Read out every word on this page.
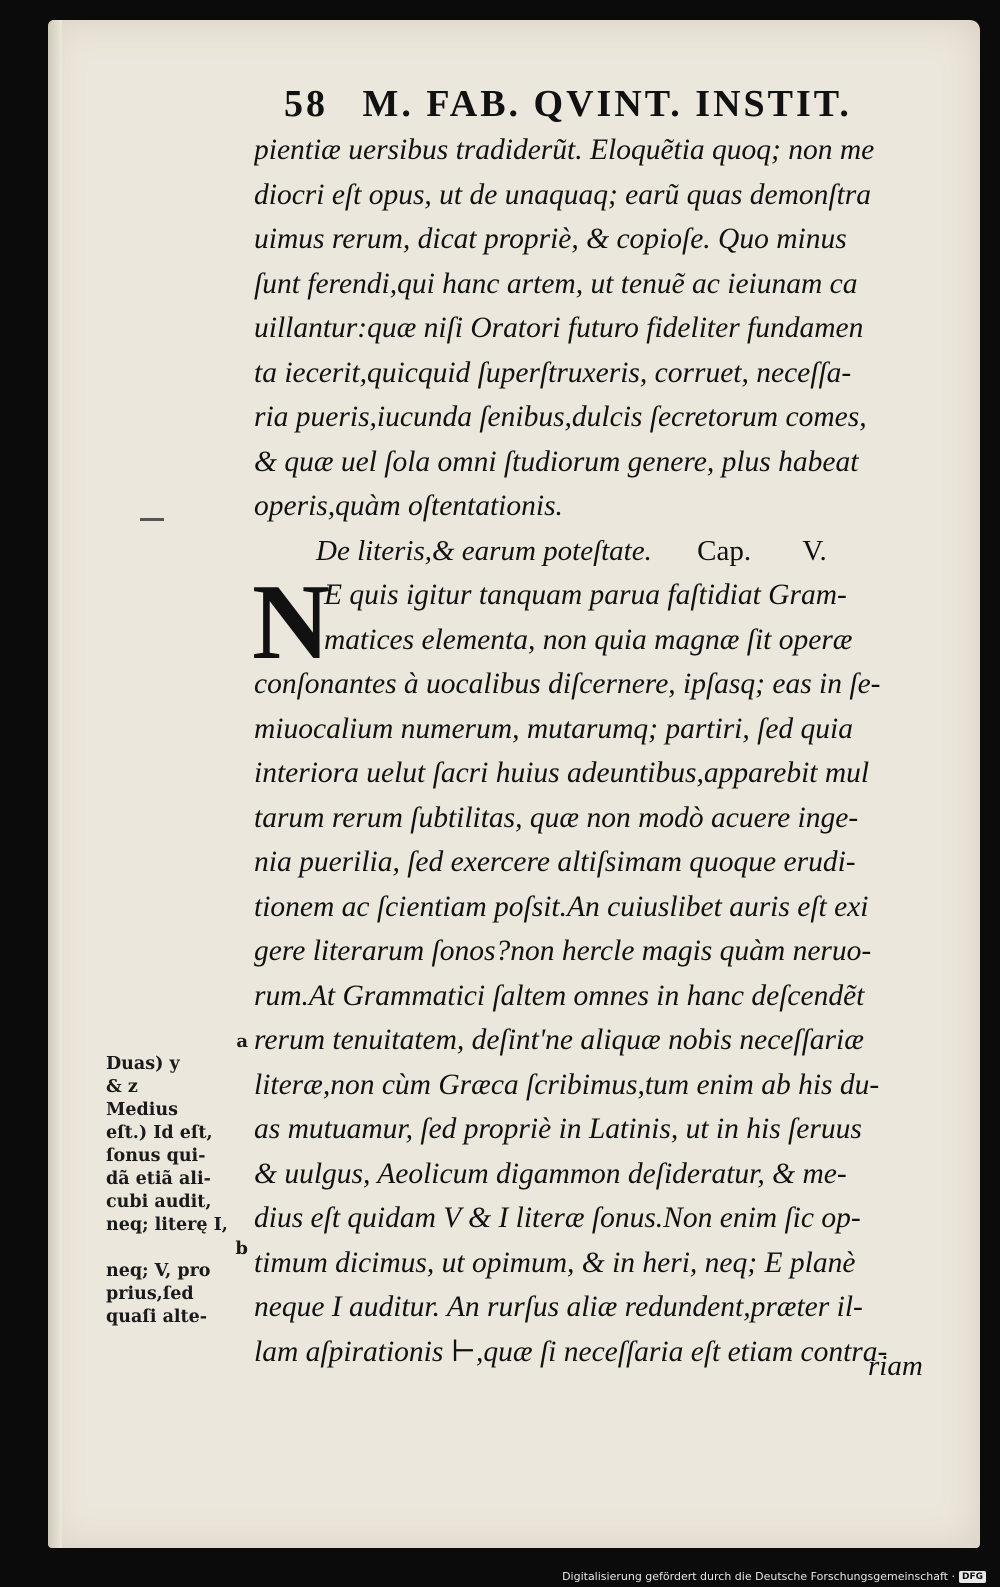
58 M. FAB. QVINT. INSTIT.
pientiæ uersibus tradiderũt. Eloquẽtia quoq; non me
diocri eſt opus, ut de unaquaq; earũ quas demonſtra
uimus rerum, dicat propriè, & copioſe. Quo minus
ſunt ferendi,qui hanc artem, ut tenuẽ ac ieiunam ca
uillantur:quæ niſi Oratori futuro fideliter fundamen
ta iecerit,quicquid ſuperſtruxeris, corruet, neceſſa-
ria pueris,iucunda ſenibus,dulcis ſecretorum comes,
& quæ uel ſola omni ſtudiorum genere, plus habeat
operis,quàm oſtentationis.
De literis,& earum poteſtate. Cap. V.
N
E quis igitur tanquam parua faſtidiat Gram-
matices elementa, non quia magnæ ſit operæ
conſonantes à uocalibus diſcernere, ipſasq; eas in ſe-
miuocalium numerum, mutarumq; partiri, ſed quia
interiora uelut ſacri huius adeuntibus,apparebit mul
tarum rerum ſubtilitas, quæ non modò acuere inge-
nia puerilia, ſed exercere altiſsimam quoque erudi-
tionem ac ſcientiam poſsit.An cuiuslibet auris eſt exi
gere literarum ſonos?non hercle magis quàm neruo-
rum.At Grammatici ſaltem omnes in hanc deſcendẽt
rerum tenuitatem, deſint'ne aliquæ nobis neceſſariæ
literæ,non cùm Græca ſcribimus,tum enim ab his du-
as mutuamur, ſed propriè in Latinis, ut in his ſeruus
& uulgus, Aeolicum digammon deſideratur, & me-
dius eſt quidam V & I literæ ſonus.Non enim ſic op-
timum dicimus, ut opimum, & in heri, neq; E planè
neque I auditur. An rurſus aliæ redundent,præter il-
lam aſpirationis ⊢,quæ ſi neceſſaria eſt etiam contra-
riam
a
Duas) y
& z
Medius
eſt.) Id eſt,
ſonus qui-
dã etiã ali-
cubi audit,
neq; literę I,
b
neq; V, pro
prius,ſed
quaſi alte-
Digitalisierung gefördert durch die Deutsche Forschungsgemeinschaft · DFG
